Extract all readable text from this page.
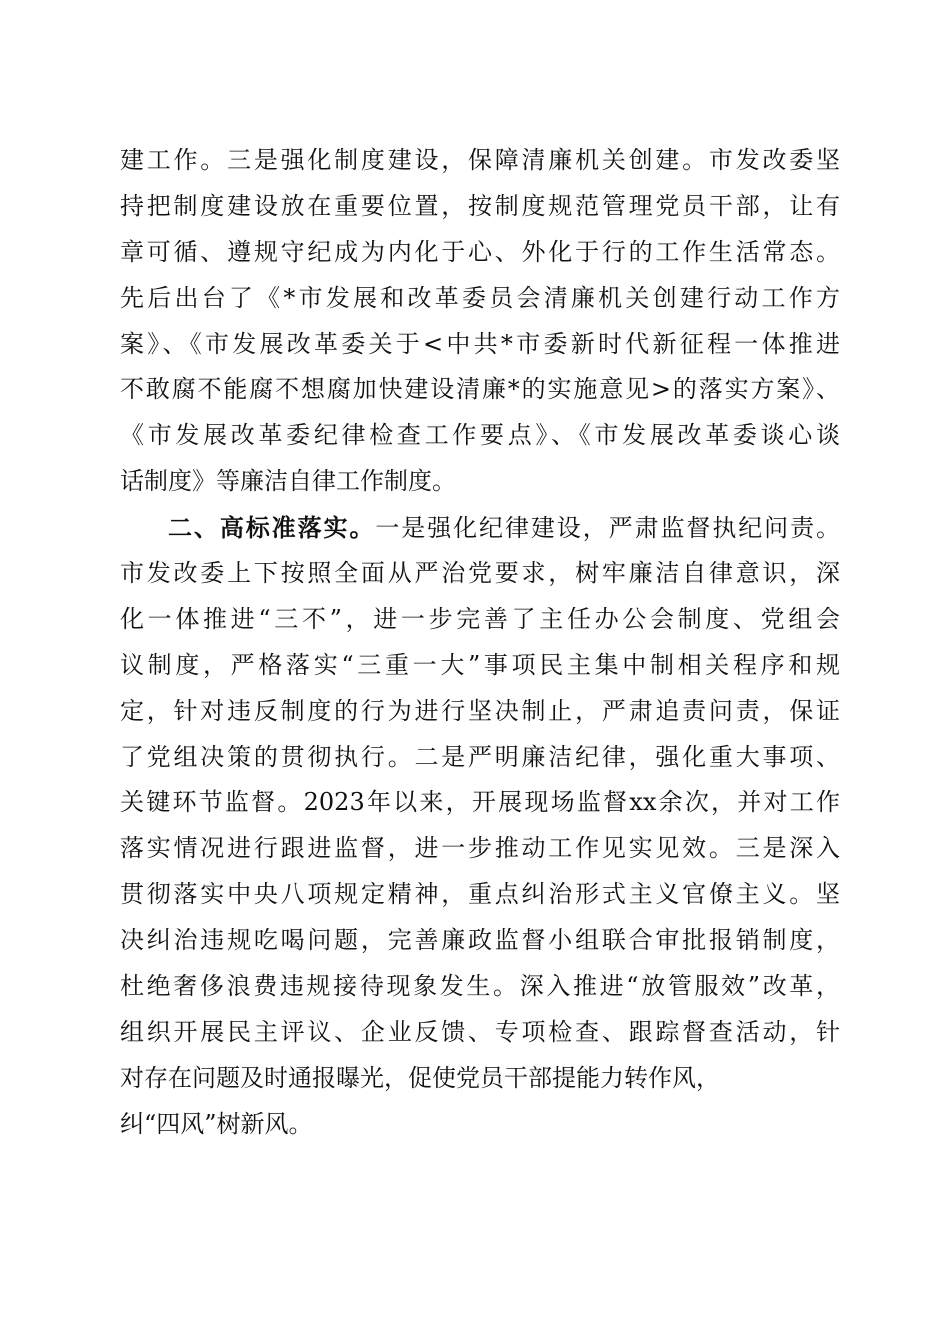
建工作。三是强化制度建设，保障清廉机关创建。市发改委坚
持把制度建设放在重要位置，按制度规范管理党员干部，让有
章可循、遵规守纪成为内化于心、外化于行的工作生活常态。
先后出台了《*市发展和改革委员会清廉机关创建行动工作方
案》、《市发展改革委关于<中共*市委新时代新征程一体推进
不敢腐不能腐不想腐加快建设清廉*的实施意见>的落实方案》、
《市发展改革委纪律检查工作要点》、《市发展改革委谈心谈
话制度》等廉洁自律工作制度。
二、高标准落实。一是强化纪律建设，严肃监督执纪问责。
市发改委上下按照全面从严治党要求，树牢廉洁自律意识，深
化一体推进“三不”，进一步完善了主任办公会制度、党组会
议制度，严格落实“三重一大”事项民主集中制相关程序和规
定，针对违反制度的行为进行坚决制止，严肃追责问责，保证
了党组决策的贯彻执行。二是严明廉洁纪律，强化重大事项、
关键环节监督。2023年以来，开展现场监督xx余次，并对工作
落实情况进行跟进监督，进一步推动工作见实见效。三是深入
贯彻落实中央八项规定精神，重点纠治形式主义官僚主义。坚
决纠治违规吃喝问题，完善廉政监督小组联合审批报销制度，
杜绝奢侈浪费违规接待现象发生。深入推进“放管服效”改革，
组织开展民主评议、企业反馈、专项检查、跟踪督查活动，针
对存在问题及时通报曝光，促使党员干部提能力转作风，
纠“四风”树新风。
